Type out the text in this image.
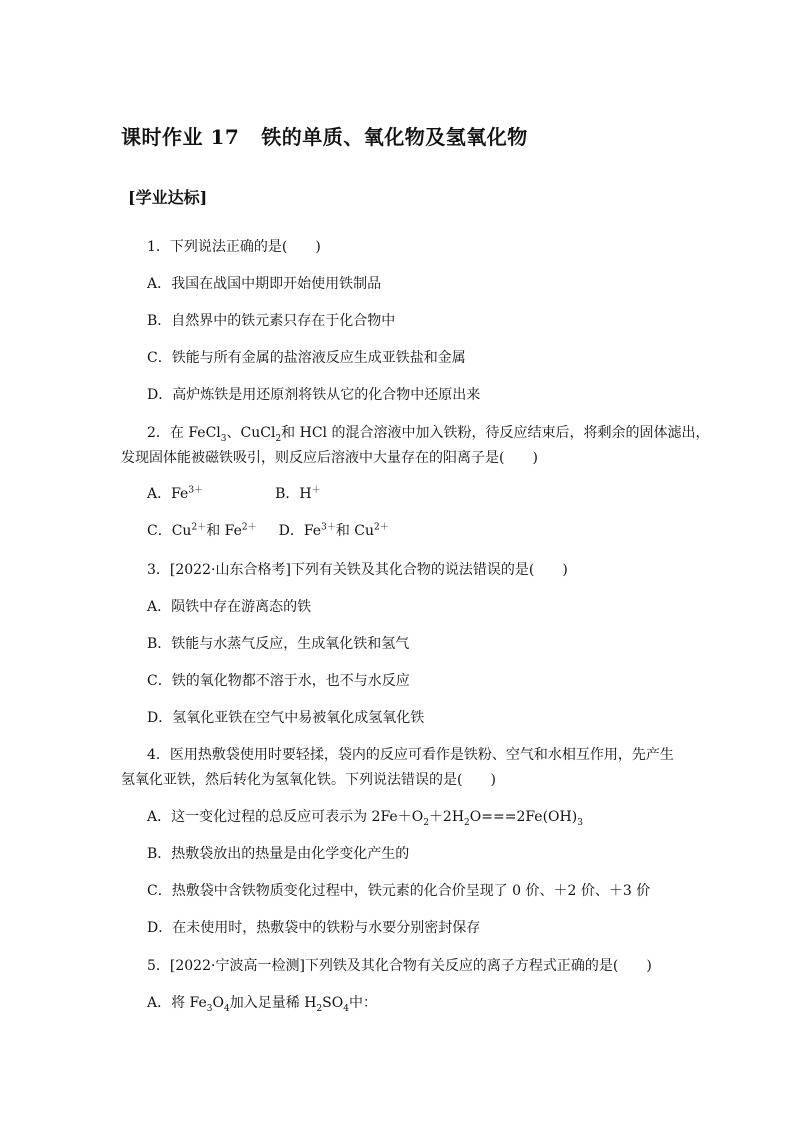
课时作业 17 铁的单质、氧化物及氢氧化物
[学业达标]
1．下列说法正确的是(　　)
A．我国在战国中期即开始使用铁制品
B．自然界中的铁元素只存在于化合物中
C．铁能与所有金属的盐溶液反应生成亚铁盐和金属
D．高炉炼铁是用还原剂将铁从它的化合物中还原出来
2．在 FeCl$_3$、CuCl$_2$和 HCl 的混合溶液中加入铁粉，待反应结束后，将剩余的固体滤出，
发现固体能被磁铁吸引，则反应后溶液中大量存在的阳离子是(　　)
A．$Fe^{3+}$	B．H＋
C．$Cu^{2+}$和 $Fe^{2+}$ D．$Fe^{3+}$和 $Cu^{2+}$
3．[2022·山东合格考]下列有关铁及其化合物的说法错误的是(　　)
A．陨铁中存在游离态的铁
B．铁能与水蒸气反应，生成氧化铁和氢气
C．铁的氧化物都不溶于水，也不与水反应
D．氢氧化亚铁在空气中易被氧化成氢氧化铁
4．医用热敷袋使用时要轻揉，袋内的反应可看作是铁粉、空气和水相互作用，先产生
氢氧化亚铁，然后转化为氢氧化铁。下列说法错误的是(　　)
A．这一变化过程的总反应可表示为 $2Fe+O_2+2H_2O===2Fe(OH)_3$
B．热敷袋放出的热量是由化学变化产生的
C．热敷袋中含铁物质变化过程中，铁元素的化合价呈现了 0 价、＋2 价、＋3 价
D．在未使用时，热敷袋中的铁粉与水要分别密封保存
5．[2022·宁波高一检测]下列铁及其化合物有关反应的离子方程式正确的是(　　)
A．将 $Fe_3O_4$加入足量稀 $H_2SO_4$中：
